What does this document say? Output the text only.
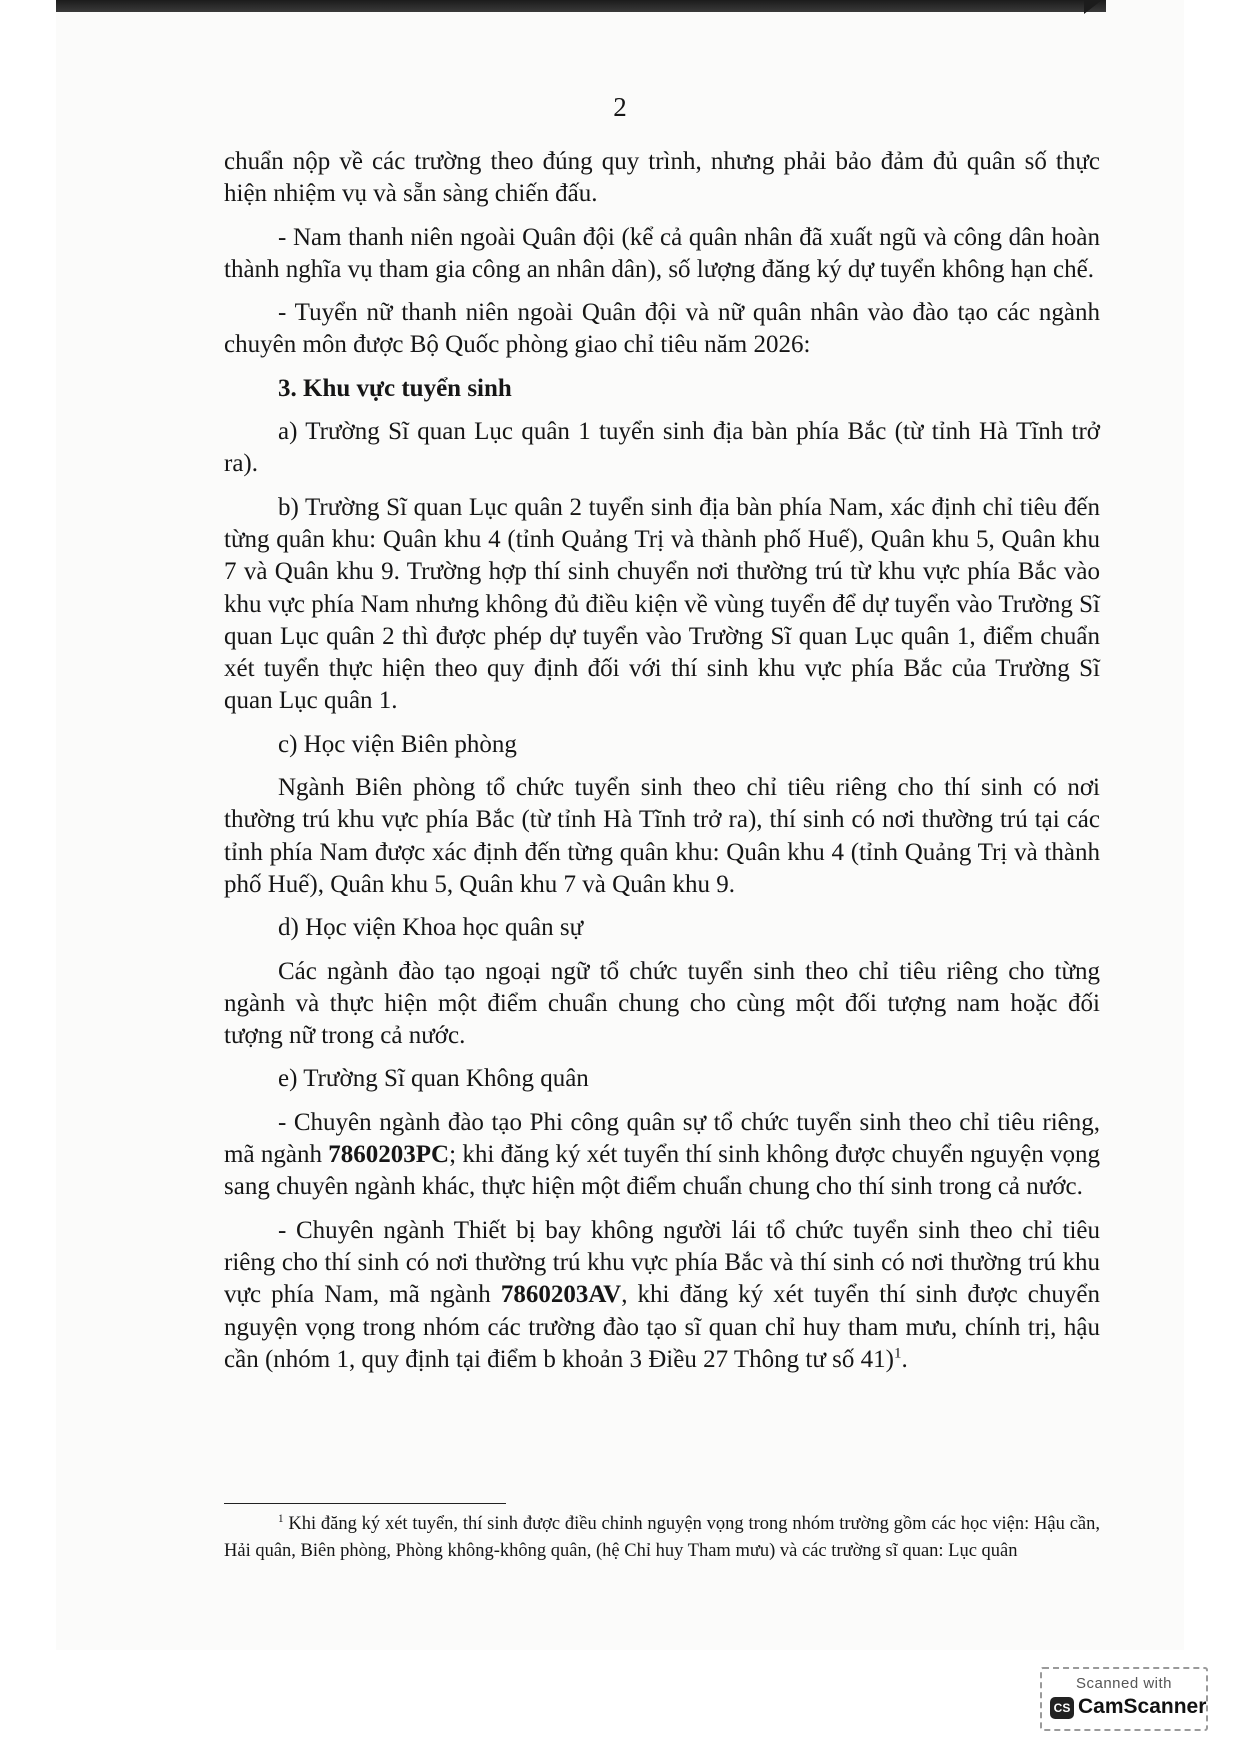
2

chuẩn nộp về các trường theo đúng quy trình, nhưng phải bảo đảm đủ quân số thực hiện nhiệm vụ và sẵn sàng chiến đấu.

- Nam thanh niên ngoài Quân đội (kể cả quân nhân đã xuất ngũ và công dân hoàn thành nghĩa vụ tham gia công an nhân dân), số lượng đăng ký dự tuyển không hạn chế.

- Tuyển nữ thanh niên ngoài Quân đội và nữ quân nhân vào đào tạo các ngành chuyên môn được Bộ Quốc phòng giao chỉ tiêu năm 2026:

3. Khu vực tuyển sinh

a) Trường Sĩ quan Lục quân 1 tuyển sinh địa bàn phía Bắc (từ tỉnh Hà Tĩnh trở ra).

b) Trường Sĩ quan Lục quân 2 tuyển sinh địa bàn phía Nam, xác định chỉ tiêu đến từng quân khu: Quân khu 4 (tỉnh Quảng Trị và thành phố Huế), Quân khu 5, Quân khu 7 và Quân khu 9. Trường hợp thí sinh chuyển nơi thường trú từ khu vực phía Bắc vào khu vực phía Nam nhưng không đủ điều kiện về vùng tuyển để dự tuyển vào Trường Sĩ quan Lục quân 2 thì được phép dự tuyển vào Trường Sĩ quan Lục quân 1, điểm chuẩn xét tuyển thực hiện theo quy định đối với thí sinh khu vực phía Bắc của Trường Sĩ quan Lục quân 1.

c) Học viện Biên phòng

Ngành Biên phòng tổ chức tuyển sinh theo chỉ tiêu riêng cho thí sinh có nơi thường trú khu vực phía Bắc (từ tỉnh Hà Tĩnh trở ra), thí sinh có nơi thường trú tại các tỉnh phía Nam được xác định đến từng quân khu: Quân khu 4 (tỉnh Quảng Trị và thành phố Huế), Quân khu 5, Quân khu 7 và Quân khu 9.

d) Học viện Khoa học quân sự

Các ngành đào tạo ngoại ngữ tổ chức tuyển sinh theo chỉ tiêu riêng cho từng ngành và thực hiện một điểm chuẩn chung cho cùng một đối tượng nam hoặc đối tượng nữ trong cả nước.

e) Trường Sĩ quan Không quân

- Chuyên ngành đào tạo Phi công quân sự tổ chức tuyển sinh theo chỉ tiêu riêng, mã ngành 7860203PC; khi đăng ký xét tuyển thí sinh không được chuyển nguyện vọng sang chuyên ngành khác, thực hiện một điểm chuẩn chung cho thí sinh trong cả nước.

- Chuyên ngành Thiết bị bay không người lái tổ chức tuyển sinh theo chỉ tiêu riêng cho thí sinh có nơi thường trú khu vực phía Bắc và thí sinh có nơi thường trú khu vực phía Nam, mã ngành 7860203AV, khi đăng ký xét tuyển thí sinh được chuyển nguyện vọng trong nhóm các trường đào tạo sĩ quan chỉ huy tham mưu, chính trị, hậu cần (nhóm 1, quy định tại điểm b khoản 3 Điều 27 Thông tư số 41)$^1$.

$^1$ Khi đăng ký xét tuyển, thí sinh được điều chỉnh nguyện vọng trong nhóm trường gồm các học viện: Hậu cần, Hải quân, Biên phòng, Phòng không-không quân, (hệ Chỉ huy Tham mưu) và các trường sĩ quan: Lục quân
Scanned with
CS CamScanner
